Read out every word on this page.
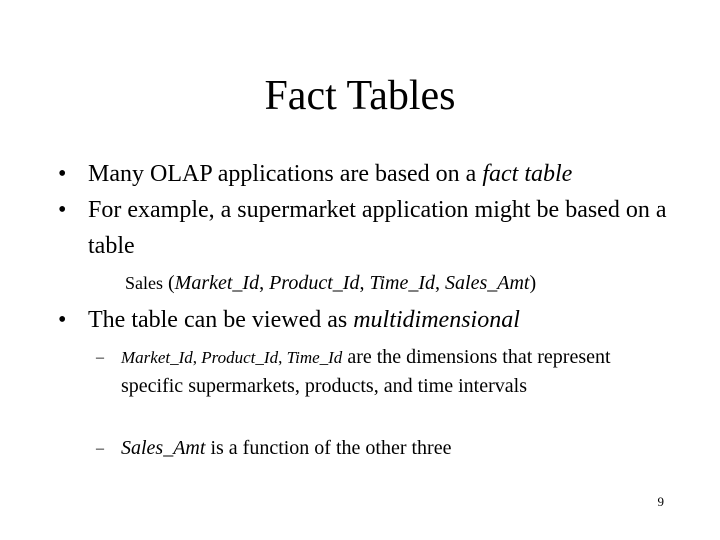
Fact Tables
• Many OLAP applications are based on a fact table
• For example, a supermarket application might be based on a table
Sales (Market_Id, Product_Id, Time_Id, Sales_Amt)
• The table can be viewed as multidimensional
– Market_Id, Product_Id, Time_Id are the dimensions that represent specific supermarkets, products, and time intervals
– Sales_Amt is a function of the other three
9
